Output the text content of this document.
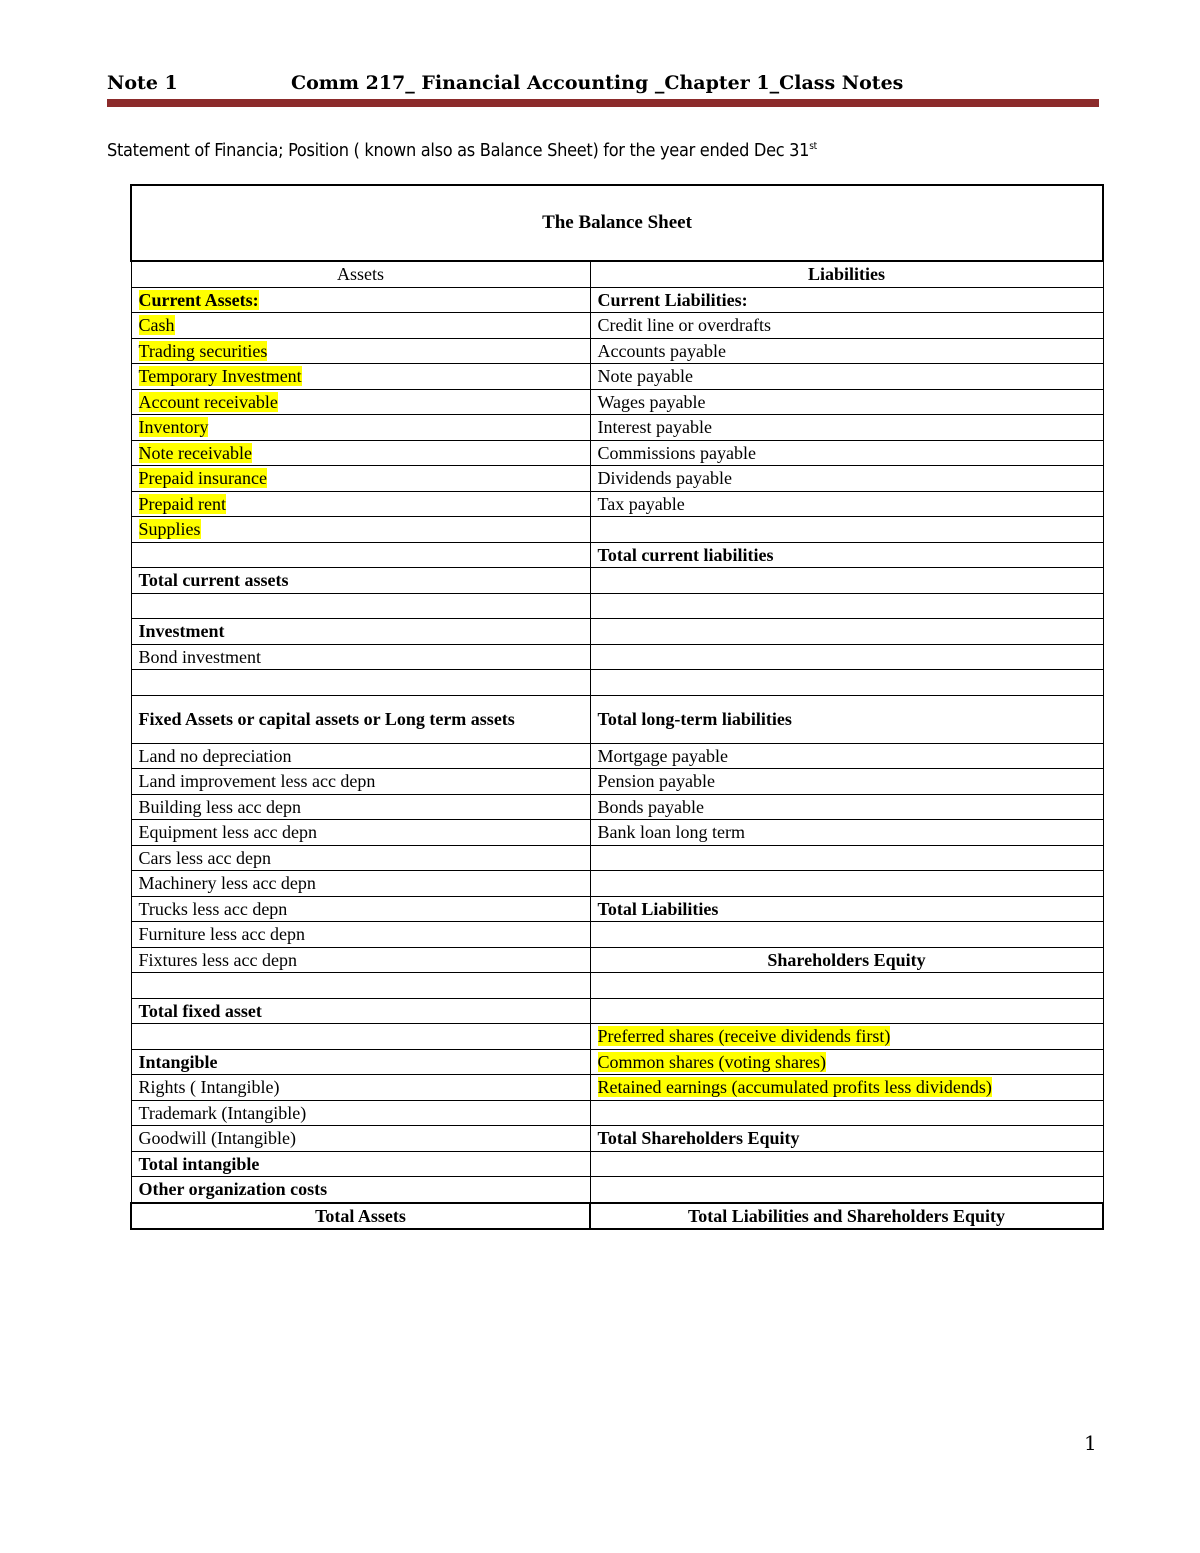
Note 1	Comm 217_ Financial Accounting _Chapter 1_Class Notes
Statement of Financia; Position ( known also as Balance Sheet) for the year ended Dec 31st
The Balance Sheet	
Assets	Liabilities
Current Assets:	Current Liabilities:
Cash	Credit line or overdrafts
Trading securities	Accounts payable
Temporary Investment	Note payable
Account receivable	Wages payable
Inventory	Interest payable
Note receivable	Commissions payable
Prepaid insurance	Dividends payable
Prepaid rent	Tax payable
Supplies	
	Total current liabilities
Total current assets	

Investment	
Bond investment	

Fixed Assets or capital assets or Long term assets	Total long-term liabilities
Land no depreciation	Mortgage payable
Land improvement less acc depn	Pension payable
Building less acc depn	Bonds payable
Equipment less acc depn	Bank loan long term
Cars less acc depn	
Machinery less acc depn	
Trucks less acc depn	Total Liabilities
Furniture less acc depn	
Fixtures less acc depn	Shareholders Equity

Total fixed asset	
	Preferred shares (receive dividends first)
Intangible	Common shares (voting shares)
Rights ( Intangible)	Retained earnings (accumulated profits less dividends)
Trademark (Intangible)	
Goodwill (Intangible)	Total Shareholders Equity
Total intangible	
Other organization costs	
Total Assets	Total Liabilities and Shareholders Equity
1
